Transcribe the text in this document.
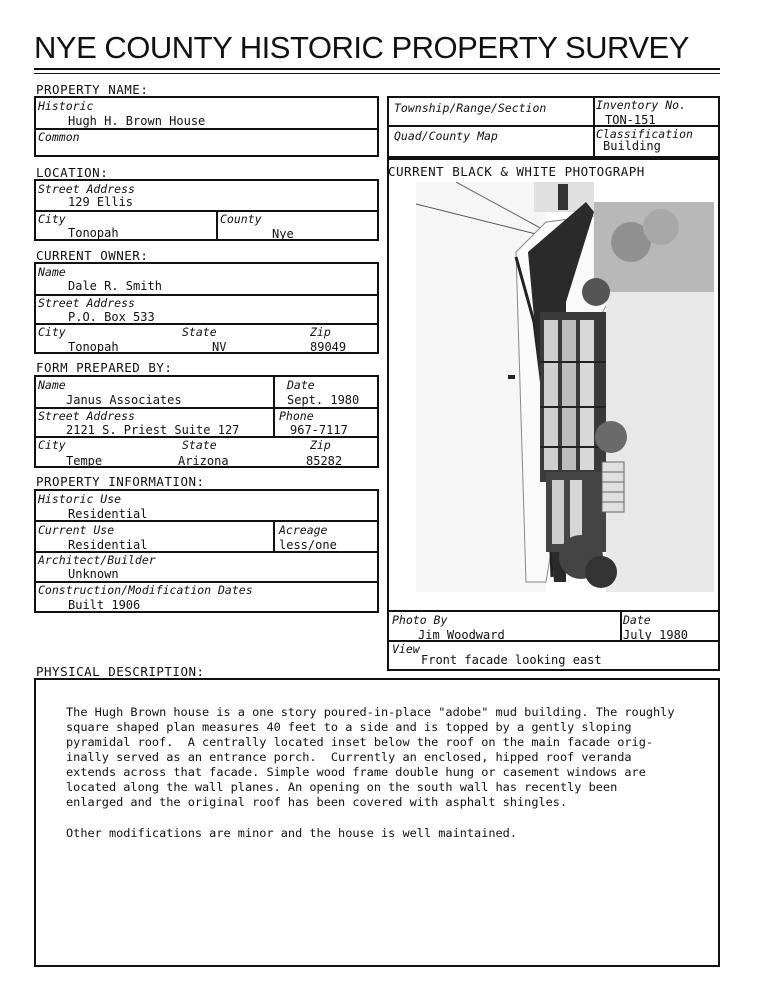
NYE COUNTY HISTORIC PROPERTY SURVEY
PROPERTY NAME:
Historic
Hugh H. Brown House
Common
LOCATION:
Street Address
129 Ellis
City
Tonopah
County
Nye
CURRENT OWNER:
Name
Dale R. Smith
Street Address
P.O. Box 533
City
Tonopah
State
NV
Zip
89049
FORM PREPARED BY:
Name
Janus Associates
Date
Sept. 1980
Street Address
2121 S. Priest Suite 127
Phone
967-7117
City
Tempe
State
Arizona
Zip
85282
PROPERTY INFORMATION:
Historic Use
Residential
Current Use
Residential
Acreage
less/one
Architect/Builder
Unknown
Construction/Modification Dates
Built 1906
Township/Range/Section	Inventory No.
TON-151
Quad/County Map	Classification
Building
CURRENT BLACK & WHITE PHOTOGRAPH
Photo By
Jim Woodward
Date
July 1980
View
Front facade looking east
PHYSICAL DESCRIPTION:
The Hugh Brown house is a one story poured-in-place "adobe" mud building. The roughly
square shaped plan measures 40 feet to a side and is topped by a gently sloping
pyramidal roof.  A centrally located inset below the roof on the main facade orig-
inally served as an entrance porch.  Currently an enclosed, hipped roof veranda
extends across that facade. Simple wood frame double hung or casement windows are
located along the wall planes. An opening on the south wall has recently been
enlarged and the original roof has been covered with asphalt shingles.
Other modifications are minor and the house is well maintained.
